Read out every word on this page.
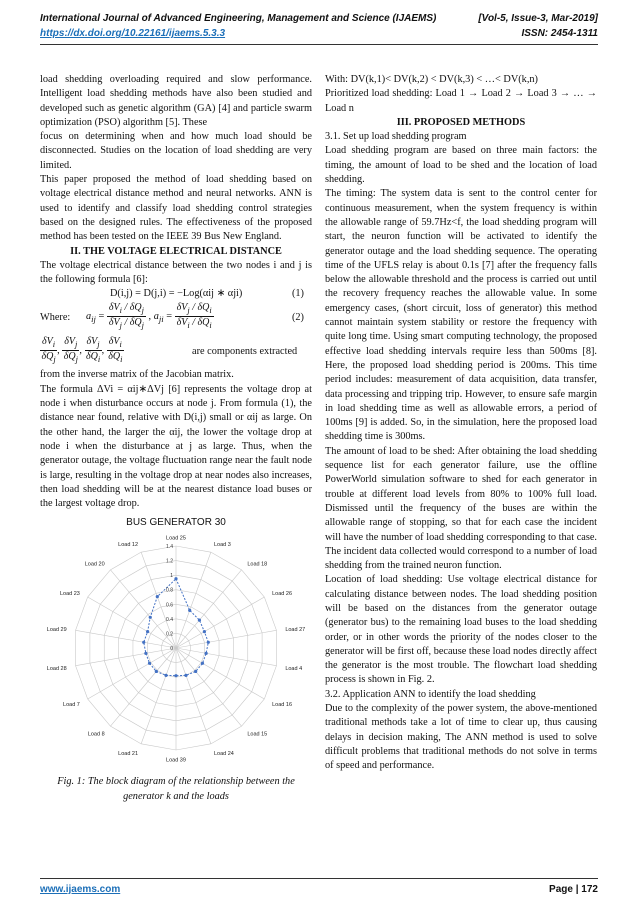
International Journal of Advanced Engineering, Management and Science (IJAEMS)	[Vol-5, Issue-3, Mar-2019]
https://dx.doi.org/10.22161/ijaems.5.3.3	ISSN: 2454-1311

load shedding overloading required and slow performance. Intelligent load shedding methods have also been studied and developed such as genetic algorithm (GA) [4] and particle swarm optimization (PSO) algorithm [5]. These

focus on determining when and how much load should be disconnected. Studies on the location of load shedding are very limited.

This paper proposed the method of load shedding based on voltage electrical distance method and neural networks. ANN is used to identify and classify load shedding control strategies based on the designed rules. The effectiveness of the proposed method has been tested on the IEEE 39 Bus New England.

II. THE VOLTAGE ELECTRICAL DISTANCE

The voltage electrical distance between the two nodes i and j is the following formula [6]:

D(i,j) = D(j,i) = −Log(αij ∗ αji)	(1)
Where: $a_{ij} = \frac{\delta V_i / \delta Q_j}{\delta V_j / \delta Q_j}$ , $a_{ji} = \frac{\delta V_j / \delta Q_i}{\delta V_i / \delta Q_i}$	(2)
$\frac{\delta V_i}{\delta Q_j}$ , $\frac{\delta V_j}{\delta Q_j}$ , $\frac{\delta V_j}{\delta Q_i}$ , $\frac{\delta V_i}{\delta Q_i}$	are components extracted

from the inverse matrix of the Jacobian matrix.

The formula ΔVi = αij∗ΔVj [6] represents the voltage drop at node i when disturbance occurs at node j. From formula (1), the distance near found, relative with D(i,j) small or αij as large. On the other hand, the larger the αij, the lower the voltage drop at node i when the disturbance at j as large. Thus, when the generator outage, the voltage fluctuation range near the fault node is large, resulting in the voltage drop at near nodes also increases, then load shedding will be at the nearest distance load buses or the largest voltage drop.

BUS GENERATOR 30
Load 25
Load 3
Load 18
Load 26
Load 27
Load 4
Load 16
Load 15
Load 24
Load 39
Load 21
Load 8
Load 7
Load 28
Load 29
Load 23
Load 20
Load 12
0
0.2
0.4
0.6
0.8
1
1.2
1.4

Fig. 1: The block diagram of the relationship between the generator k and the loads

With: DV(k,1)< DV(k,2) < DV(k,3) < …< DV(k,n)

Prioritized load shedding: Load 1 → Load 2 → Load 3 → … → Load n

III. PROPOSED METHODS

3.1. Set up load shedding program

Load shedding program are based on three main factors: the timing, the amount of load to be shed and the location of load shedding.

The timing: The system data is sent to the control center for continuous measurement, when the system frequency is within the allowable range of 59.7Hz<f, the load shedding program will start, the neuron function will be activated to identify the generator outage and the load shedding sequence. The operating time of the UFLS relay is about 0.1s [7] after the frequency falls below the allowable threshold and the process is carried out until the recovery frequency reaches the allowable value. In some emergency cases, (short circuit, loss of generator) this method cannot maintain system stability or restore the frequency with quite long time. Using smart computing technology, the proposed effective load shedding intervals require less than 500ms [8]. Here, the proposed load shedding period is 200ms. This time period includes: measurement of data acquisition, data transfer, data processing and tripping trip. However, to ensure safe margin in load shedding time as well as allowable errors, a period of 100ms [9] is added. So, in the simulation, here the proposed load shedding time is 300ms.

The amount of load to be shed: After obtaining the load shedding sequence list for each generator failure, use the offline PowerWorld simulation software to shed for each generator in trouble at different load levels from 80% to 100% full load. Dismissed until the frequency of the buses are within the allowable range of stopping, so that for each case the incident will have the number of load shedding corresponding to that case. The incident data collected would correspond to a number of load shedding from the trained neuron function.

Location of load shedding: Use voltage electrical distance for calculating distance between nodes. The load shedding position will be based on the distances from the generator outage (generator bus) to the remaining load buses to the load shedding order, or in other words the priority of the nodes closer to the generator will be first off, because these load nodes directly affect the generator is the most trouble. The flowchart load shedding process is shown in Fig. 2.

3.2. Application ANN to identify the load shedding

Due to the complexity of the power system, the above-mentioned traditional methods take a lot of time to clear up, thus causing delays in decision making, The ANN method is used to solve difficult problems that traditional methods do not solve in terms of speed and performance.

www.ijaems.com	Page | 172
